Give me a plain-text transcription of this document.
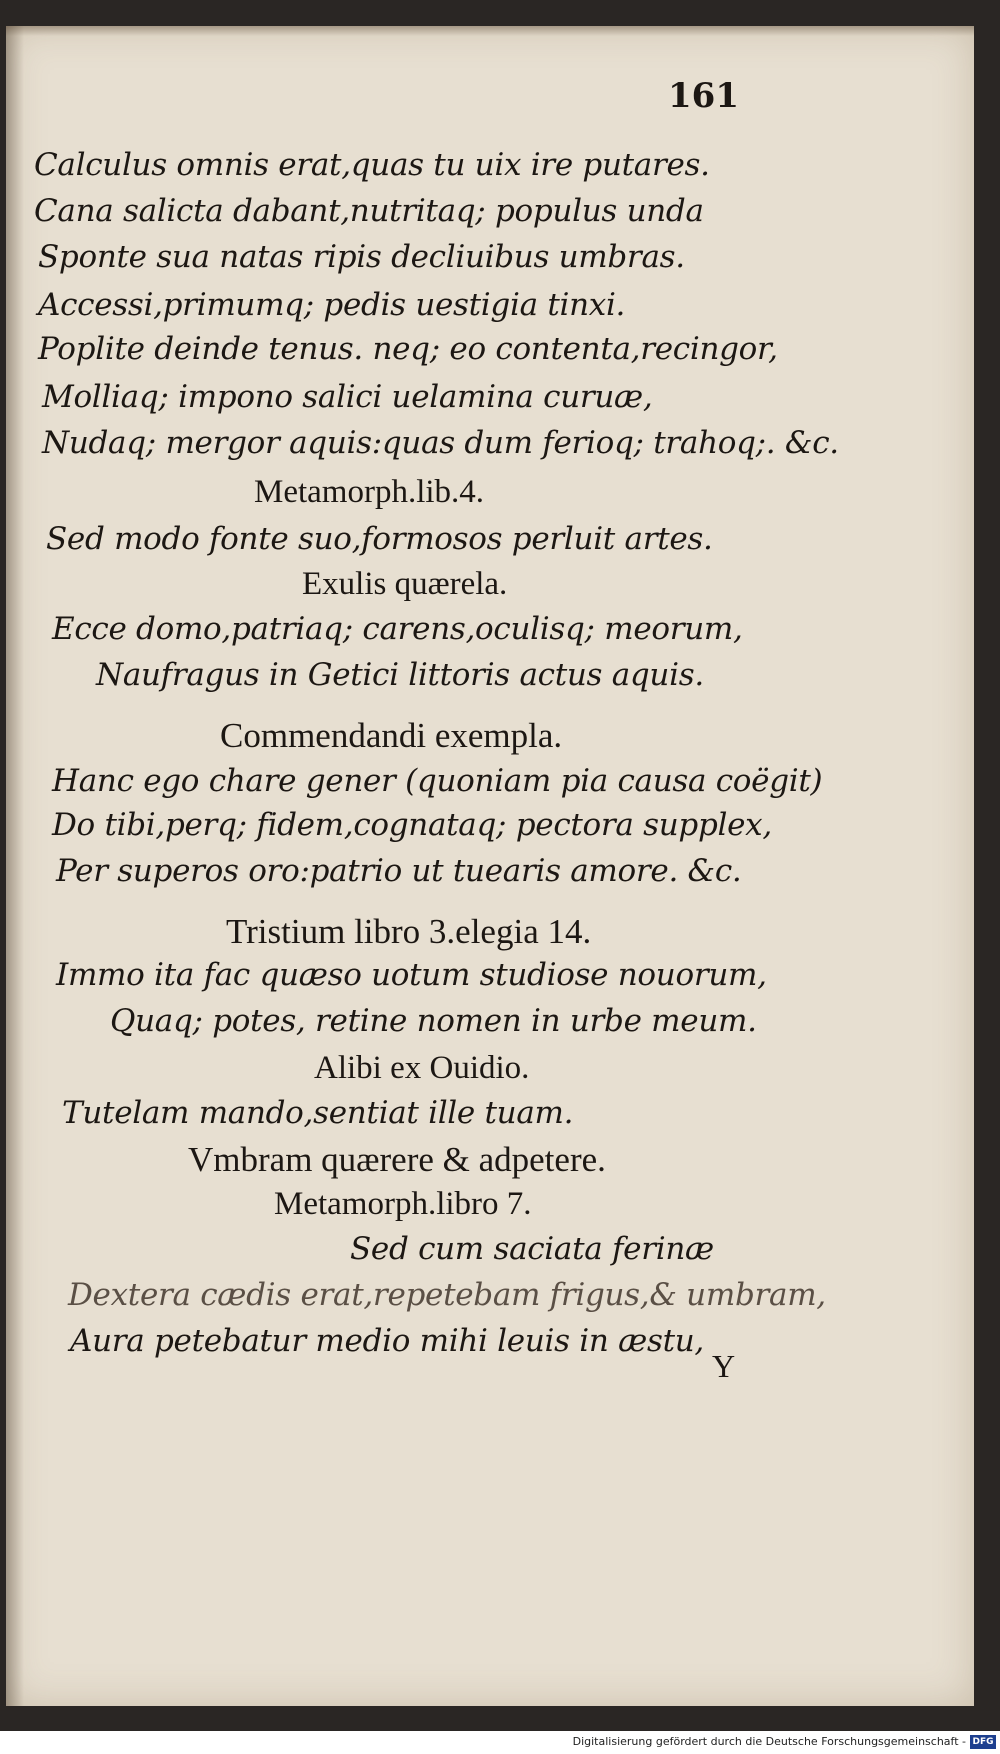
161
Calculus omnis erat,quas tu uix ire putares.
Cana salicta dabant,nutritaq; populus unda
Sponte sua natas ripis decliuibus umbras.
Accessi,primumq; pedis uestigia tinxi.
Poplite deinde tenus. neq; eo contenta,recingor,
Molliaq; impono salici uelamina curuæ,
Nudaq; mergor aquis:quas dum ferioq; trahoq;. &c.
Metamorph.lib.4.
Sed modo fonte suo,formosos perluit artes.
Exulis quærela.
Ecce domo,patriaq; carens,oculisq; meorum,
Naufragus in Getici littoris actus aquis.
Commendandi exempla.
Hanc ego chare gener (quoniam pia causa coëgit)
Do tibi,perq; fidem,cognataq; pectora supplex,
Per superos oro:patrio ut tuearis amore. &c.
Tristium libro 3.elegia 14.
Immo ita fac quæso uotum studiose nouorum,
Quaq; potes, retine nomen in urbe meum.
Alibi ex Ouidio.
Tutelam mando,sentiat ille tuam.
Vmbram quærere & adpetere.
Metamorph.libro 7.
Sed cum saciata ferinæ
Dextera cædis erat,repetebam frigus,& umbram,
Aura petebatur medio mihi leuis in æstu,
Y
Digitalisierung gefördert durch die Deutsche Forschungsgemeinschaft - DFG
